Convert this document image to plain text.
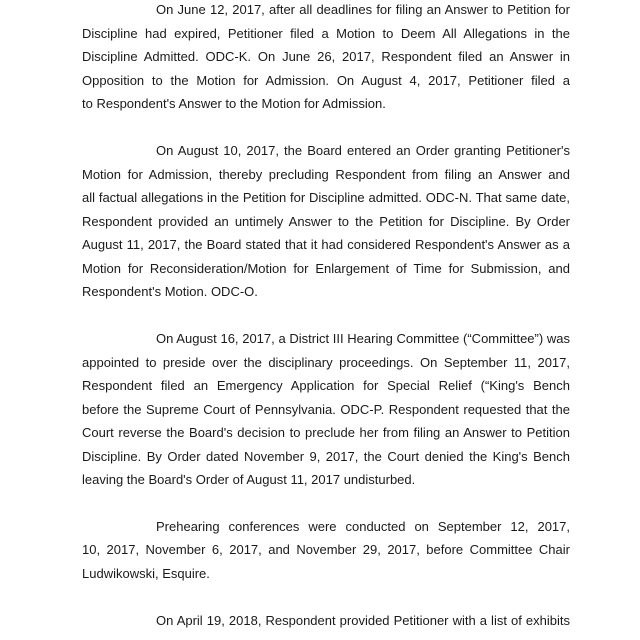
On June 12, 2017, after all deadlines for filing an Answer to Petition for
Discipline had expired, Petitioner filed a Motion to Deem All Allegations in the
Discipline Admitted. ODC-K. On June 26, 2017, Respondent filed an Answer in
Opposition to the Motion for Admission. On August 4, 2017, Petitioner filed a
to Respondent's Answer to the Motion for Admission.
On August 10, 2017, the Board entered an Order granting Petitioner's
Motion for Admission, thereby precluding Respondent from filing an Answer and
all factual allegations in the Petition for Discipline admitted. ODC-N. That same date,
Respondent provided an untimely Answer to the Petition for Discipline. By Order
August 11, 2017, the Board stated that it had considered Respondent's Answer as a
Motion for Reconsideration/Motion for Enlargement of Time for Submission, and
Respondent's Motion. ODC-O.
On August 16, 2017, a District III Hearing Committee (“Committee”) was
appointed to preside over the disciplinary proceedings. On September 11, 2017,
Respondent filed an Emergency Application for Special Relief (“King's Bench
before the Supreme Court of Pennsylvania. ODC-P. Respondent requested that the
Court reverse the Board's decision to preclude her from filing an Answer to Petition
Discipline. By Order dated November 9, 2017, the Court denied the King's Bench
leaving the Board's Order of August 11, 2017 undisturbed.
Prehearing conferences were conducted on September 12, 2017,
10, 2017, November 6, 2017, and November 29, 2017, before Committee Chair
Ludwikowski, Esquire.
On April 19, 2018, Respondent provided Petitioner with a list of exhibits
